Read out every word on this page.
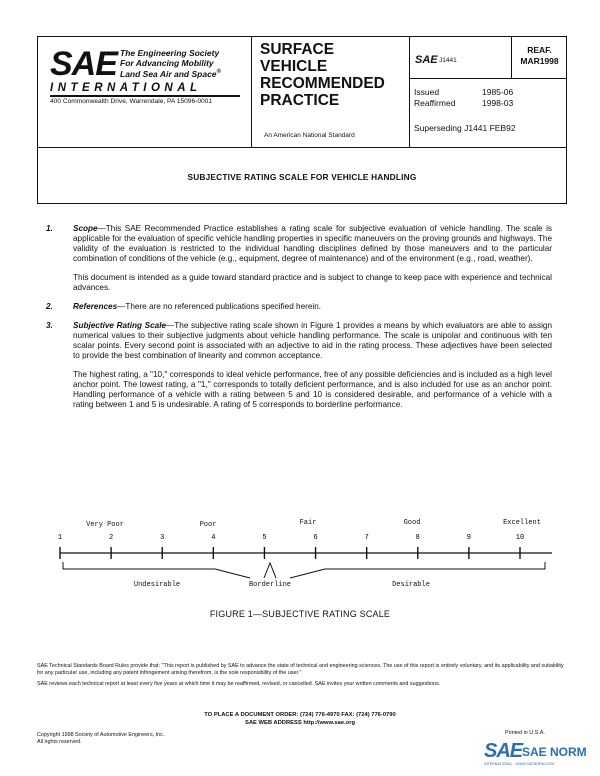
SAE The Engineering Society
For Advancing Mobility
Land Sea Air and Space®
INTERNATIONAL
400 Commonwealth Drive, Warrendale, PA 15096-0001
SURFACE
VEHICLE
RECOMMENDED
PRACTICE
An American National Standard
SAE J1441
Issued	1985-06
Reaffirmed	1998-03
Superseding J1441 FEB92
REAF.
MAR1998
SUBJECTIVE RATING SCALE FOR VEHICLE HANDLING
1. Scope—This SAE Recommended Practice establishes a rating scale for subjective evaluation of vehicle handling. The scale is applicable for the evaluation of specific vehicle handling properties in specific maneuvers on the proving grounds and highways. The validity of the evaluation is restricted to the individual handling disciplines defined by those maneuvers and to the particular combination of conditions of the vehicle (e.g., equipment, degree of maintenance) and of the environment (e.g., road, weather).
This document is intended as a guide toward standard practice and is subject to change to keep pace with experience and technical advances.
2. References—There are no referenced publications specified herein.
3. Subjective Rating Scale—The subjective rating scale shown in Figure 1 provides a means by which evaluators are able to assign numerical values to their subjective judgments about vehicle handling performance. The scale is unipolar and continuous with ten scalar points. Every second point is associated with an adjective to aid in the rating process. These adjectives have been selected to provide the best combination of linearity and common acceptance.
The highest rating, a "10," corresponds to ideal vehicle performance, free of any possible deficiencies and is included as a high level anchor point. The lowest rating, a "1," corresponds to totally deficient performance, and is also included for use as an anchor point. Handling performance of a vehicle with a rating between 5 and 10 is considered desirable, and performance of a vehicle with a rating between 1 and 5 is undesirable. A rating of 5 corresponds to borderline performance.
1	2	3	4	5	6	7	8	9	10
Very Poor	Poor	Fair	Good	Excellent
Undesirable	Borderline	Desirable
FIGURE 1—SUBJECTIVE RATING SCALE

SAE Technical Standards Board Rules provide that: "This report is published by SAE to advance the state of technical and engineering sciences. The use of this report is entirely voluntary, and its applicability and suitability for any particular use, including any patent infringement arising therefrom, is the sole responsibility of the user."

SAE reviews each technical report at least every five years at which time it may be reaffirmed, revised, or cancelled. SAE invites your written comments and suggestions.

TO PLACE A DOCUMENT ORDER: (724) 776-4970 FAX: (724) 776-0790
SAE WEB ADDRESS http://www.sae.org
Copyright 1998 Society of Automotive Engineers, Inc.
All rights reserved.
Printed in U.S.A.
SAE SAE NORM
INTERNATIONAL · WWW.SAENORM.COM
